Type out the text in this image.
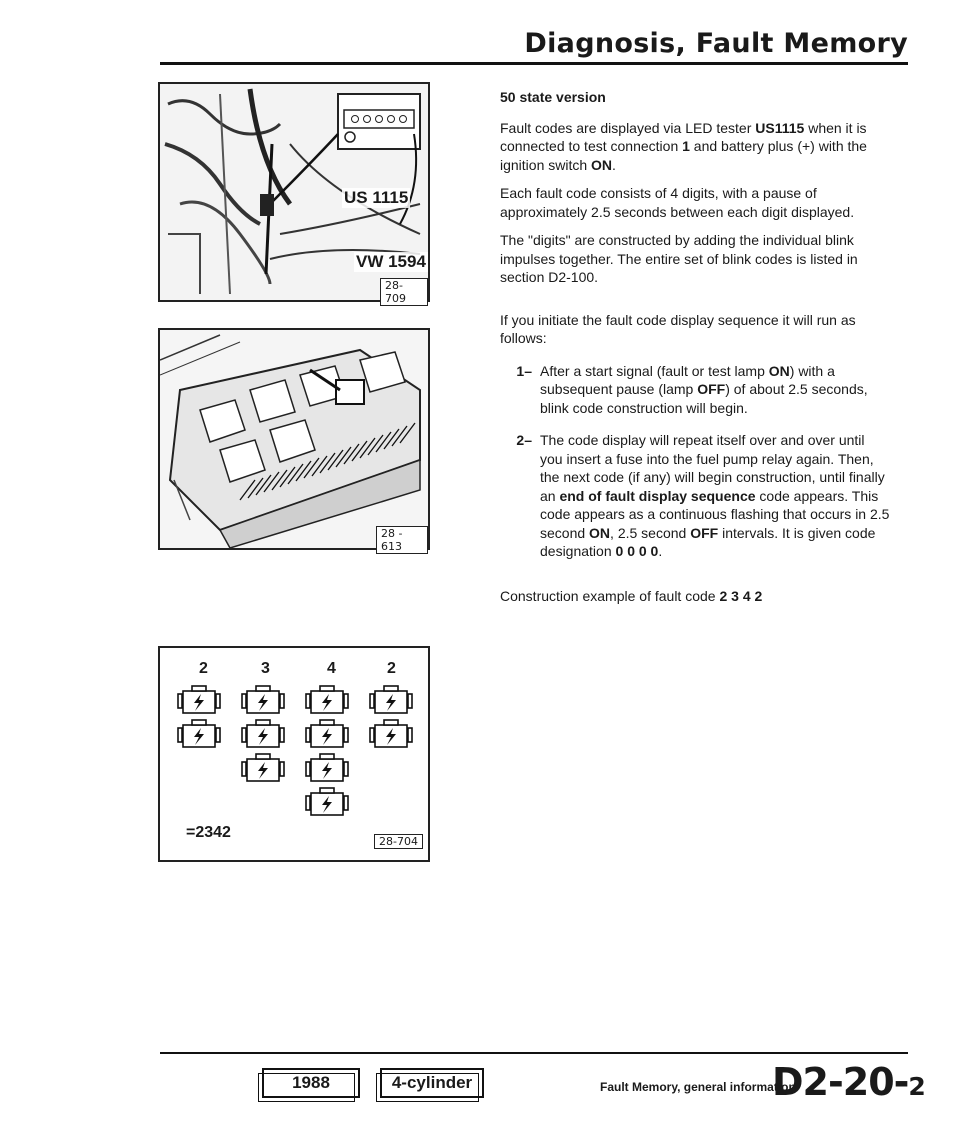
Diagnosis, Fault Memory
US 1115
VW 1594
28-709
28 - 613
2	3	4	2
=2342
28-704

50 state version

Fault codes are displayed via LED tester US1115 when it is connected to test connection 1 and battery plus (+) with the ignition switch ON.

Each fault code consists of 4 digits, with a pause of approximately 2.5 seconds between each digit displayed.

The "digits" are constructed by adding the individual blink impulses together. The entire set of blink codes is listed in section D2-100.

If you initiate the fault code display sequence it will run as follows:

1– After a start signal (fault or test lamp ON) with a subsequent pause (lamp OFF) of about 2.5 seconds, blink code construction will begin.
2– The code display will repeat itself over and over until you insert a fuse into the fuel pump relay again. Then, the next code (if any) will begin construction, until finally an end of fault display sequence code appears. This code appears as a continuous flashing that occurs in 2.5 second ON, 2.5 second OFF intervals. It is given code designation 0 0 0 0.

Construction example of fault code 2 3 4 2

1988	4-cylinder	Fault Memory, general information
D2-20-2
